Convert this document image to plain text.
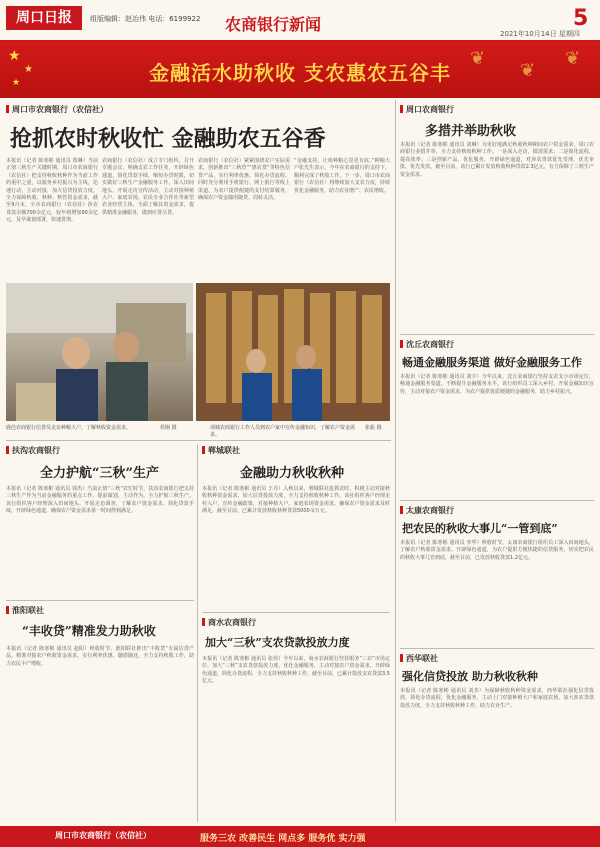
周口日报	组版编辑：赵冶伟 电话：6199922 农商银行新闻	5
2021年10月14日 星期四
★
★
★
❦
❦
❦
金融活水助秋收 支农惠农五谷丰
周口市农商银行（农信社）
抢抓农时秋收忙 金融助农五谷香
本报讯（记者 陈寒彬 通讯员 郑琳）当前正值三秋生产关键时期，周口市农商银行（农信社）把支持秋收秋种作为当前工作的重中之重，以服务乡村振兴为主线，迅速行动，主动对接，加大信贷投放力度，全力保障秋收、秋种、秋管资金需求，截至9月末，全市农商银行（农信社）涉农贷款余额700余亿元，较年初增加90余亿元。及早谋划部署，快速贯彻。
农商银行（农信社）成立专门组织，召开专题会议，明确支农工作任务，开辟绿色通道，简化贷款手续，缩短办贷时限，切实做好三秋生产金融服务工作。深入田间地头，开展走访宣传活动，主动对接种植大户、家庭农场、农民专业合作社等新型农业经营主体，全面了解其资金需求，提供精准金融服务，做到应贷尽贷。
农商银行（农信社）紧紧围绕农户实际需求，创新推出“三秋贷”“惠农贷”等特色信贷产品，实行利率优惠，简化办贷流程。同时充分利用手机银行、网上银行等线上渠道，为农户提供便捷的支付结算服务，确保农户资金随用随贷、周转灵活。
“金融支持，让咱种粮心里更有底。”种粮大户张先生表示，今年在农商银行的支持下，顺利完成了秋收工作。下一步，周口市农商银行（农信社）将继续加大支农力度，持续优化金融服务，助力农业增产、农民增收。
鹿邑农商银行信贷员走访种粮大户，了解秋收资金需求。	侯刚 摄	项城农商银行工作人员到农户家中宣传金融知识，了解农户资金需求。
张振 摄
周口农商银行
多措并举助秋收
本报讯（记者 陈寒彬 通讯员 刘琳）为更好地满足秋收秋种期间农户资金需求，周口农商银行多措并举，全力支持秋收秋种工作。一是深入走访，摸清需求；二是简化流程，提高效率；三是创新产品，优化服务，开辟绿色通道，对涉农贷款优先受理、优先审批、优先发放。截至目前，该行已累计发放秋收秋种贷款2.3亿元，有力保障了三秋生产资金需求。
沈丘农商银行
畅通金融服务渠道 做好金融服务工作
本报讯（记者 陈寒彬 通讯员 刘宇）今年以来，沈丘农商银行坚持支农支小市场定位，畅通金融服务渠道，不断提升金融服务水平。该行组织员工深入乡村，开展金融知识宣传，主动对接农户资金需求，为农户提供优质便捷的金融服务，助力乡村振兴。
太康农商银行
把农民的秋收大事儿“一管到底”
本报讯（记者 陈寒彬 通讯员 李华）秋收时节，太康农商银行组织员工深入田间地头，了解农户秋收资金需求，开辟绿色通道，为农户提供方便快捷的信贷服务，切实把农民的秋收大事儿管到底，截至目前，已发放秋收贷款1.2亿元。
西华联社
强化信贷投放 助力秋收秋种
本报讯（记者 陈寒彬 通讯员 刘杰）为保障秋收秋种资金需求，西华联社强化信贷投放，简化办贷流程，优化金融服务，主动上门对接种植大户和家庭农场，加大涉农贷款投放力度，全力支持秋收秋种工作，助力农业生产。
扶沟农商银行
全力护航“三秋”生产
本报讯（记者 陈寒彬 通讯员 郭杰）当前正值“三秋”农忙时节，扶沟农商银行把支持三秋生产作为当前金融服务的重点工作，提前谋划，主动作为，全力护航三秋生产。该行组织客户经理深入田间地头，开展走访调查，了解农户资金需求，简化贷款手续，开辟绿色通道，确保农户资金需求第一时间得到满足。
郸城联社
金融助力秋收秋种
本报讯（记者 陈寒彬 通讯员 王丹）入秋以来，郸城联社抢抓农时，积极主动对接秋收秋种资金需求，加大信贷投放力度，全力支持秋收秋种工作。该社组织客户经理走村入户，宣传金融政策，对接种植大户、家庭农场资金需求，确保农户资金需求及时满足，截至目前，已累计发放秋收秋种贷款5000余万元。
淮阳联社
“丰收贷”精准发力助秋收
本报讯（记者 陈寒彬 通讯员 赵阳）秋收时节，淮阳联社推出“丰收贷”专属信贷产品，精准对接农户秋收资金需求，实行利率优惠、随借随还，全力支持秋收工作，助力农民丰产增收。
商水农商银行
加大“三秋”支农贷款投放力度
本报讯（记者 陈寒彬 通讯员 张伟）今年以来，商水农商银行坚持服务“三农”市场定位，加大“三秋”支农贷款投放力度，优化金融服务，主动对接农户资金需求，开辟绿色通道，简化办贷流程，全力支持秋收秋种工作，截至目前，已累计投放支农贷款3.5亿元。
周口市农商银行（农信社）	服务三农 改善民生 网点多 服务优 实力强
